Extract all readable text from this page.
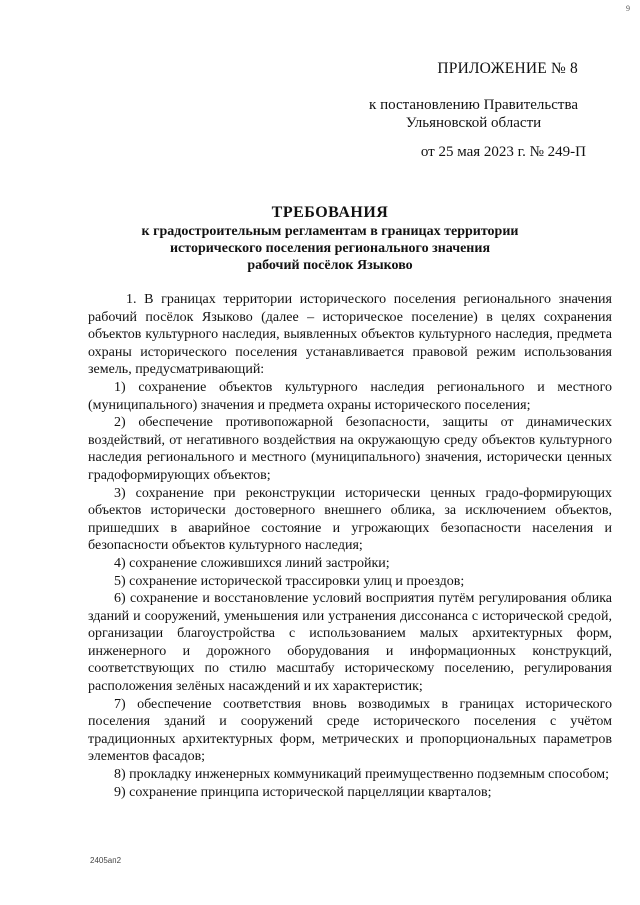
9
ПРИЛОЖЕНИЕ № 8
к постановлению Правительства
Ульяновской области
от 25 мая 2023 г. № 249-П
ТРЕБОВАНИЯ
к градостроительным регламентам в границах территории
исторического поселения регионального значения
рабочий посёлок Языково

1. В границах территории исторического поселения регионального значения рабочий посёлок Языково (далее – историческое поселение) в целях сохранения объектов культурного наследия, выявленных объектов культурного наследия, предмета охраны исторического поселения устанавливается правовой режим использования земель, предусматривающий:

1) сохранение объектов культурного наследия регионального и местного (муниципального) значения и предмета охраны исторического поселения;

2) обеспечение противопожарной безопасности, защиты от динамических воздействий, от негативного воздействия на окружающую среду объектов культурного наследия регионального и местного (муниципального) значения, исторически ценных градоформирующих объектов;

3) сохранение при реконструкции исторически ценных градо-формирующих объектов исторически достоверного внешнего облика, за исключением объектов, пришедших в аварийное состояние и угрожающих безопасности населения и безопасности объектов культурного наследия;

4) сохранение сложившихся линий застройки;

5) сохранение исторической трассировки улиц и проездов;

6) сохранение и восстановление условий восприятия путём регулирования облика зданий и сооружений, уменьшения или устранения диссонанса с исторической средой, организации благоустройства с использованием малых архитектурных форм, инженерного и дорожного оборудования и информационных конструкций, соответствующих по стилю масштабу историческому поселению, регулирования расположения зелёных насаждений и их характеристик;

7) обеспечение соответствия вновь возводимых в границах исторического поселения зданий и сооружений среде исторического поселения с учётом традиционных архитектурных форм, метрических и пропорциональных параметров элементов фасадов;

8) прокладку инженерных коммуникаций преимущественно подземным способом;

9) сохранение принципа исторической парцелляции кварталов;

2405ап2
